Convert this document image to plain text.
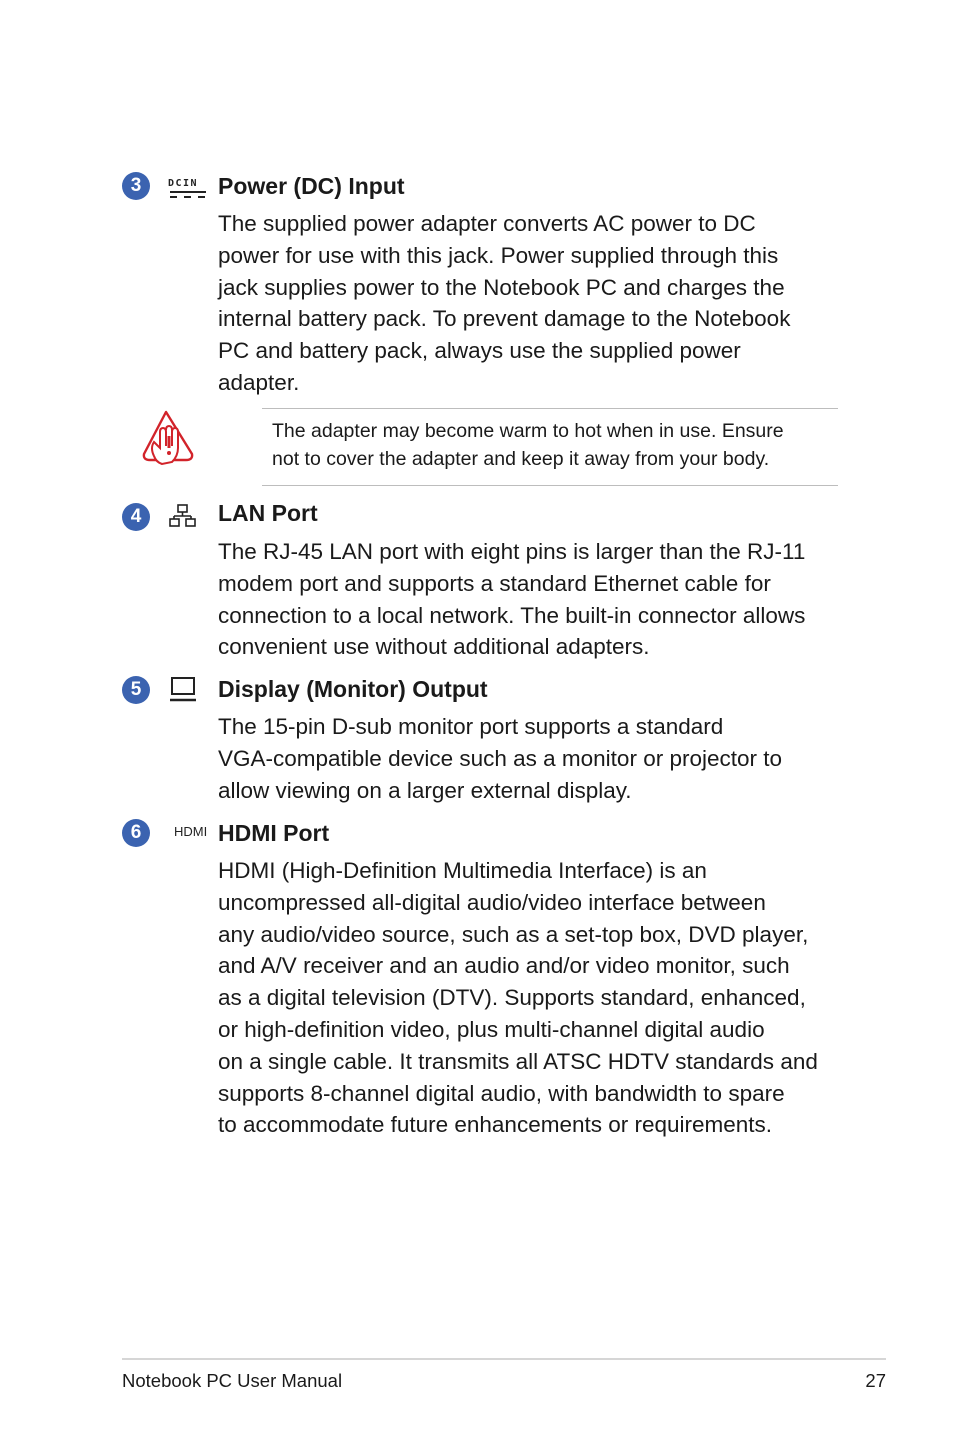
3	DCIN Power (DC) Input

The supplied power adapter converts AC power to DC

power for use with this jack. Power supplied through this

jack supplies power to the Notebook PC and charges the

internal battery pack. To prevent damage to the Notebook

PC and battery pack, always use the supplied power

adapter.

The adapter may become warm to hot when in use. Ensure

not to cover the adapter and keep it away from your body.

4	LAN Port

The RJ-45 LAN port with eight pins is larger than the RJ-11

modem port and supports a standard Ethernet cable for

connection to a local network. The built-in connector allows

convenient use without additional adapters.

5	Display (Monitor) Output

The 15-pin D-sub monitor port supports a standard

VGA-compatible device such as a monitor or projector to

allow viewing on a larger external display.

6	HDMI HDMI Port

HDMI (High-Definition Multimedia Interface) is an

uncompressed all-digital audio/video interface between

any audio/video source, such as a set-top box, DVD player,

and A/V receiver and an audio and/or video monitor, such

as a digital television (DTV). Supports standard, enhanced,

or high-definition video, plus multi-channel digital audio

on a single cable. It transmits all ATSC HDTV standards and

supports 8-channel digital audio, with bandwidth to spare

to accommodate future enhancements or requirements.

Notebook PC User Manual	27
